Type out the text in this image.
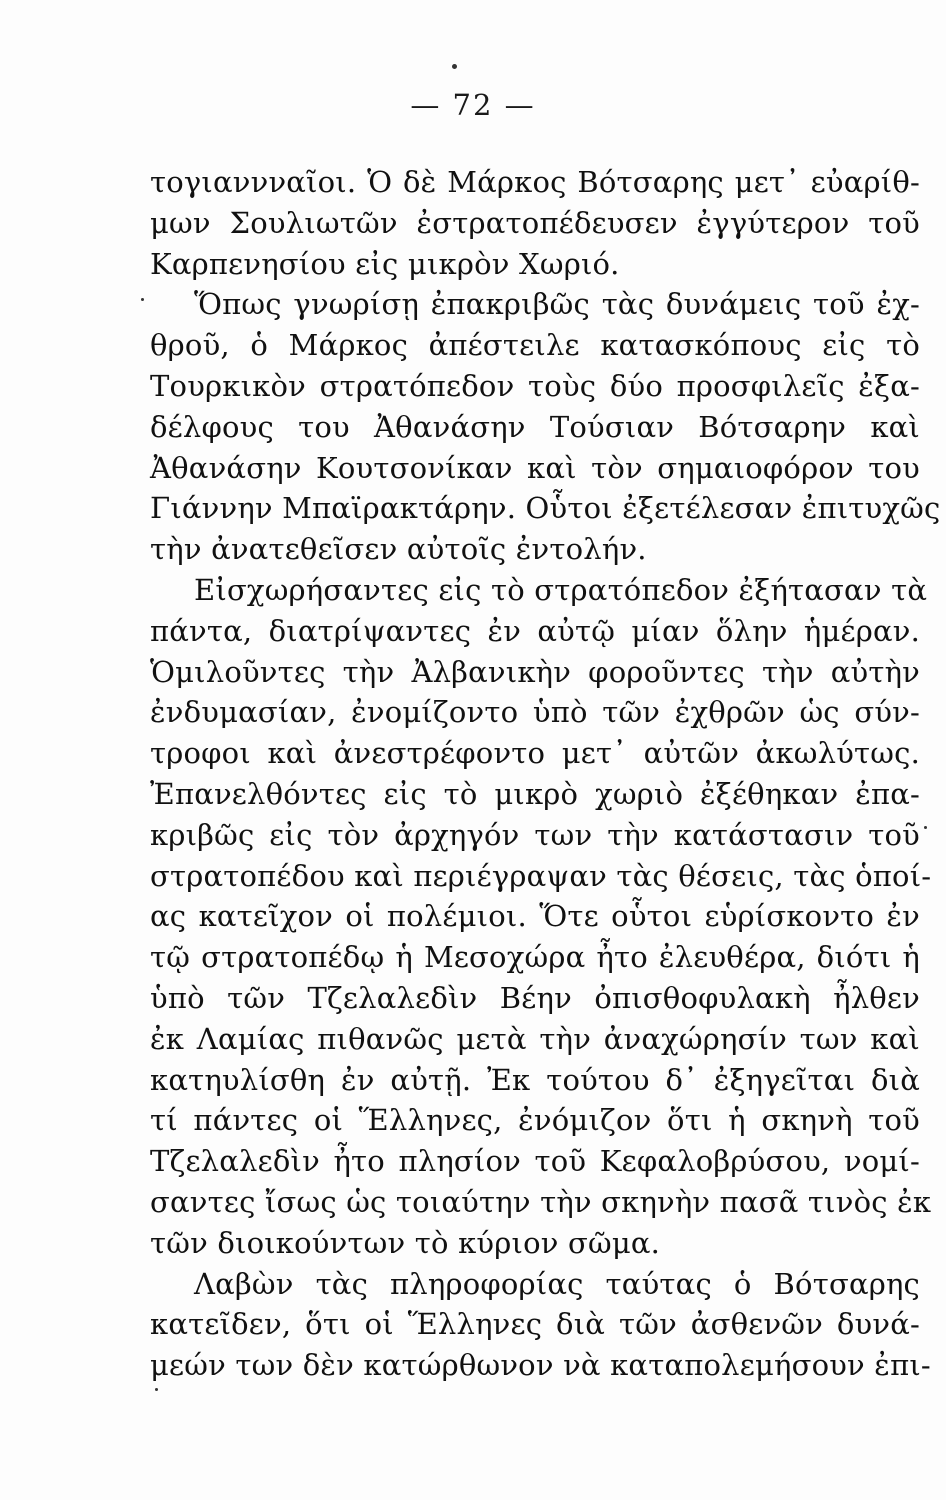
— 72 —
τογιαννναῖοι. Ὁ δὲ Μάρκος Βότσαρης μετ᾽ εὐαρίθ-
μων Σουλιωτῶν ἐστρατοπέδευσεν ἐγγύτερον τοῦ
Καρπενησίου εἰς μικρὸν Χωριό.
Ὅπως γνωρίσῃ ἐπακριβῶς τὰς δυνάμεις τοῦ ἐχ-
θροῦ, ὁ Μάρκος ἀπέστειλε κατασκόπους εἰς τὸ
Τουρκικὸν στρατόπεδον τοὺς δύο προσφιλεῖς ἐξα-
δέλφους του Ἀθανάσην Τούσιαν Βότσαρην καὶ
Ἀθανάσην Κουτσονίκαν καὶ τὸν σημαιοφόρον του
Γιάννην Μπαϊρακτάρην. Οὗτοι ἐξετέλεσαν ἐπιτυχῶς
τὴν ἀνατεθεῖσεν αὐτοῖς ἐντολήν.
Εἰσχωρήσαντες εἰς τὸ στρατόπεδον ἐξήτασαν τὰ
πάντα, διατρίψαντες ἐν αὐτῷ μίαν ὅλην ἡμέραν.
Ὁμιλοῦντες τὴν Ἀλβανικὴν φοροῦντες τὴν αὐτὴν
ἐνδυμασίαν, ἐνομίζοντο ὑπὸ τῶν ἐχθρῶν ὡς σύν-
τροφοι καὶ ἀνεστρέφοντο μετ᾽ αὐτῶν ἀκωλύτως.
Ἐπανελθόντες εἰς τὸ μικρὸ χωριὸ ἐξέθηκαν ἐπα-
κριβῶς εἰς τὸν ἀρχηγόν των τὴν κατάστασιν τοῦ
στρατοπέδου καὶ περιέγραψαν τὰς θέσεις, τὰς ὁποί-
ας κατεῖχον οἱ πολέμιοι. Ὅτε οὗτοι εὑρίσκοντο ἐν
τῷ στρατοπέδῳ ἡ Μεσοχώρα ἦτο ἐλευθέρα, διότι ἡ
ὑπὸ τῶν Τζελαλεδὶν Βέην ὀπισθοφυλακὴ ἦλθεν
ἐκ Λαμίας πιθανῶς μετὰ τὴν ἀναχώρησίν των καὶ
κατηυλίσθη ἐν αὐτῇ. Ἐκ τούτου δ᾽ ἐξηγεῖται διὰ
τί πάντες οἱ Ἕλληνες, ἐνόμιζον ὅτι ἡ σκηνὴ τοῦ
Τζελαλεδὶν ἦτο πλησίον τοῦ Κεφαλοβρύσου, νομί-
σαντες ἴσως ὡς τοιαύτην τὴν σκηνὴν πασᾶ τινὸς ἐκ
τῶν διοικούντων τὸ κύριον σῶμα.
Λαβὼν τὰς πληροφορίας ταύτας ὁ Βότσαρης
κατεῖδεν, ὅτι οἱ Ἕλληνες διὰ τῶν ἀσθενῶν δυνά-
μεών των δὲν κατώρθωνον νὰ καταπολεμήσουν ἐπι-
